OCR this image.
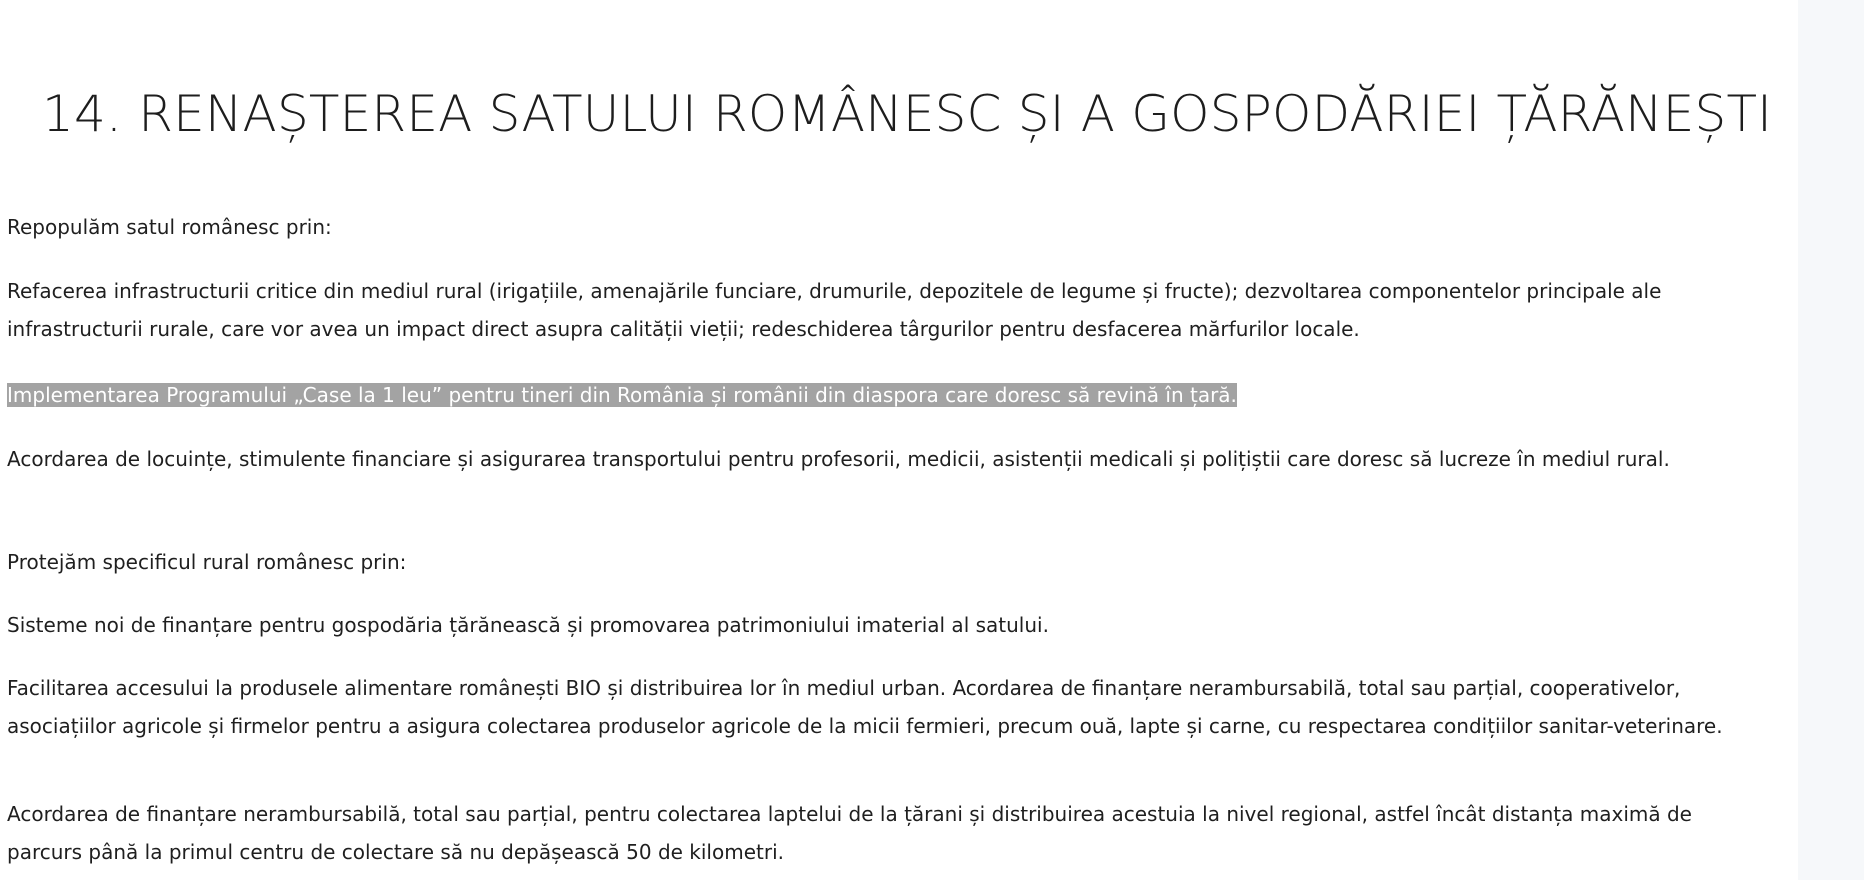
14. RENAȘTEREA SATULUI ROMÂNESC ȘI A GOSPODĂRIEI ȚĂRĂNEȘTI

Repopulăm satul românesc prin:

Refacerea infrastructurii critice din mediul rural (irigațiile, amenajările funciare, drumurile, depozitele de legume și fructe); dezvoltarea componentelor principale ale infrastructurii rurale, care vor avea un impact direct asupra calității vieții; redeschiderea târgurilor pentru desfacerea mărfurilor locale.

Implementarea Programului „Case la 1 leu” pentru tineri din România și românii din diaspora care doresc să revină în țară.

Acordarea de locuințe, stimulente financiare și asigurarea transportului pentru profesorii, medicii, asistenții medicali și polițiștii care doresc să lucreze în mediul rural.

Protejăm specificul rural românesc prin:

Sisteme noi de finanțare pentru gospodăria țărănească și promovarea patrimoniului imaterial al satului.

Facilitarea accesului la produsele alimentare românești BIO și distribuirea lor în mediul urban. Acordarea de finanțare nerambursabilă, total sau parțial, cooperativelor, asociațiilor agricole și firmelor pentru a asigura colectarea produselor agricole de la micii fermieri, precum ouă, lapte și carne, cu respectarea condițiilor sanitar-veterinare.

Acordarea de finanțare nerambursabilă, total sau parțial, pentru colectarea laptelui de la țărani și distribuirea acestuia la nivel regional, astfel încât distanța maximă de parcurs până la primul centru de colectare să nu depășească 50 de kilometri.
